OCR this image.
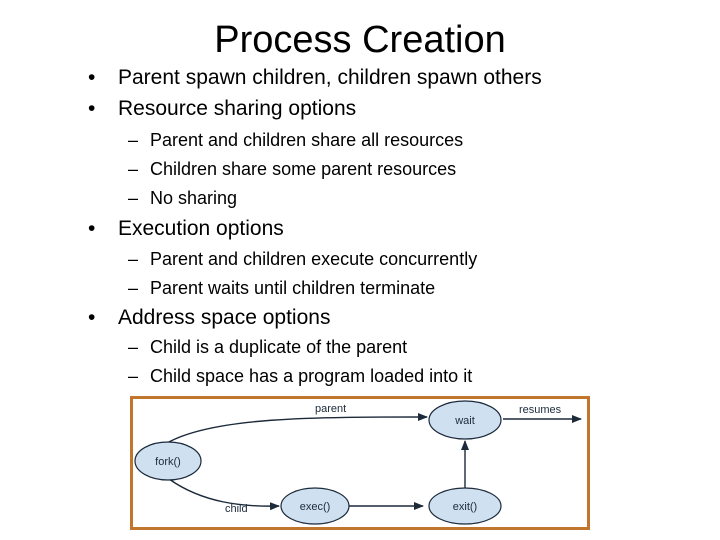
Process Creation
• Parent spawn children, children spawn others
• Resource sharing options
– Parent and children share all resources
– Children share some parent resources
– No sharing
• Execution options
– Parent and children execute concurrently
– Parent waits until children terminate
• Address space options
– Child is a duplicate of the parent
– Child space has a program loaded into it
parent	resumes
child
fork()
wait
exec()	exit()
